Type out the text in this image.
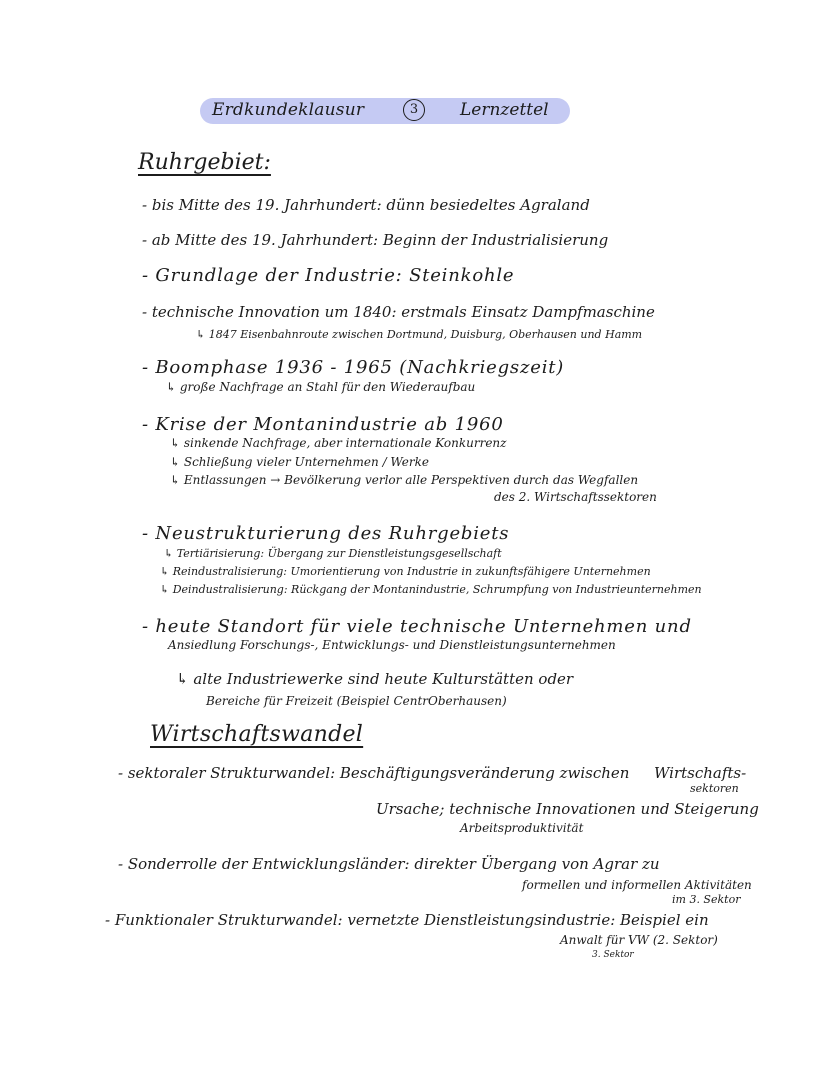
Erdkundeklausur	3	Lernzettel
Ruhrgebiet:
- bis Mitte des 19. Jahrhundert: dünn besiedeltes Agraland
- ab Mitte des 19. Jahrhundert: Beginn der Industrialisierung
- Grundlage der Industrie: Steinkohle
- technische Innovation um 1840: erstmals Einsatz Dampfmaschine
↳ 1847 Eisenbahnroute zwischen Dortmund, Duisburg, Oberhausen und Hamm
- Boomphase 1936 - 1965 (Nachkriegszeit)
↳ große Nachfrage an Stahl für den Wiederaufbau
- Krise der Montanindustrie ab 1960
↳ sinkende Nachfrage, aber internationale Konkurrenz
↳ Schließung vieler Unternehmen / Werke
↳ Entlassungen → Bevölkerung verlor alle Perspektiven durch das Wegfallen
des 2. Wirtschaftssektoren
- Neustrukturierung des Ruhrgebiets
↳ Tertiärisierung: Übergang zur Dienstleistungsgesellschaft
↳ Reindustralisierung: Umorientierung von Industrie in zukunftsfähigere Unternehmen
↳ Deindustralisierung: Rückgang der Montanindustrie, Schrumpfung von Industrieunternehmen
- heute Standort für viele technische Unternehmen und
Ansiedlung Forschungs-, Entwicklungs- und Dienstleistungsunternehmen
↳ alte Industriewerke sind heute Kulturstätten oder
Bereiche für Freizeit (Beispiel CentrOberhausen)
Wirtschaftswandel
- sektoraler Strukturwandel: Beschäftigungsveränderung zwischen Wirtschafts-
sektoren
Ursache; technische Innovationen und Steigerung
Arbeitsproduktivität
- Sonderrolle der Entwicklungsländer: direkter Übergang von Agrar zu
formellen und informellen Aktivitäten
im 3. Sektor
- Funktionaler Strukturwandel: vernetzte Dienstleistungsindustrie: Beispiel ein
Anwalt für VW (2. Sektor)
3. Sektor
